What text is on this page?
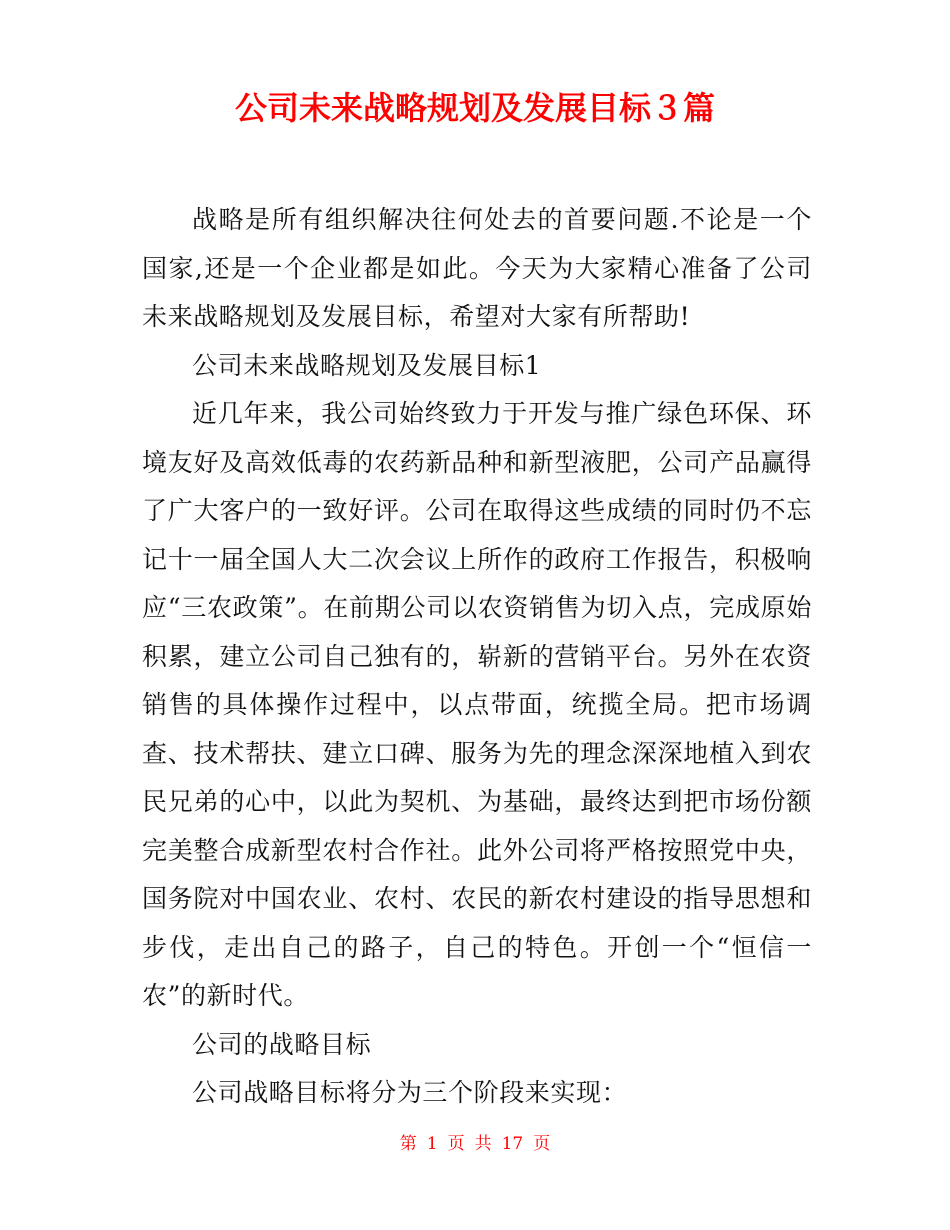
公司未来战略规划及发展目标３篇

战略是所有组织解决往何处去的首要问题.不论是一个国家,还是一个企业都是如此。今天为大家精心准备了公司未来战略规划及发展目标，希望对大家有所帮助!

公司未来战略规划及发展目标1

近几年来，我公司始终致力于开发与推广绿色环保、环境友好及高效低毒的农药新品种和新型液肥，公司产品赢得了广大客户的一致好评。公司在取得这些成绩的同时仍不忘记十一届全国人大二次会议上所作的政府工作报告，积极响应“三农政策”。在前期公司以农资销售为切入点，完成原始积累，建立公司自己独有的，崭新的营销平台。另外在农资销售的具体操作过程中，以点带面，统揽全局。把市场调查、技术帮扶、建立口碑、服务为先的理念深深地植入到农民兄弟的心中，以此为契机、为基础，最终达到把市场份额完美整合成新型农村合作社。此外公司将严格按照党中央，国务院对中国农业、农村、农民的新农村建设的指导思想和步伐，走出自己的路子，自己的特色。开创一个“恒信一农”的新时代。

公司的战略目标

公司战略目标将分为三个阶段来实现：

第 1 页 共 17 页
